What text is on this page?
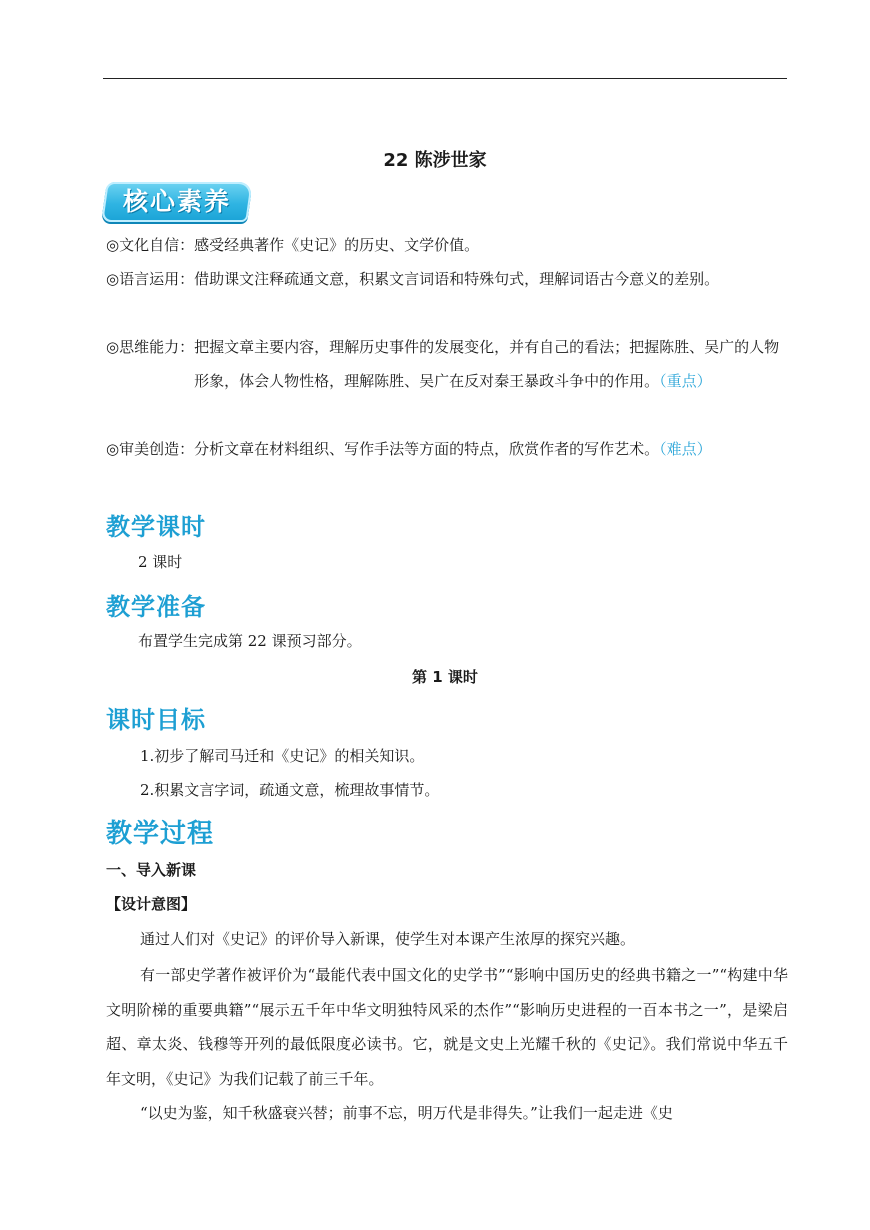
22 陈涉世家
核心素养
◎文化自信： 感受经典著作《史记》的历史、文学价值。
◎语言运用： 借助课文注释疏通文意，积累文言词语和特殊句式，理解词语古今意义的差别。
◎思维能力： 把握文章主要内容，理解历史事件的发展变化，并有自己的看法；把握陈胜、吴广的人物形象，体会人物性格，理解陈胜、吴广在反对秦王暴政斗争中的作用。（重点）
◎审美创造： 分析文章在材料组织、写作手法等方面的特点，欣赏作者的写作艺术。（难点）
教学课时
2 课时
教学准备
布置学生完成第 22 课预习部分。
第 1 课时
课时目标
1.初步了解司马迁和《史记》的相关知识。
2.积累文言字词，疏通文意，梳理故事情节。
教学过程
一、导入新课
【设计意图】
通过人们对《史记》的评价导入新课，使学生对本课产生浓厚的探究兴趣。
有一部史学著作被评价为“最能代表中国文化的史学书”“影响中国历史的经典书籍之一”“构建中华文明阶梯的重要典籍”“展示五千年中华文明独特风采的杰作”“影响历史进程的一百本书之一”，是梁启超、章太炎、钱穆等开列的最低限度必读书。它，就是文史上光耀千秋的《史记》。我们常说中华五千年文明，《史记》为我们记载了前三千年。
“以史为鉴，知千秋盛衰兴替；前事不忘，明万代是非得失。”让我们一起走进《史
